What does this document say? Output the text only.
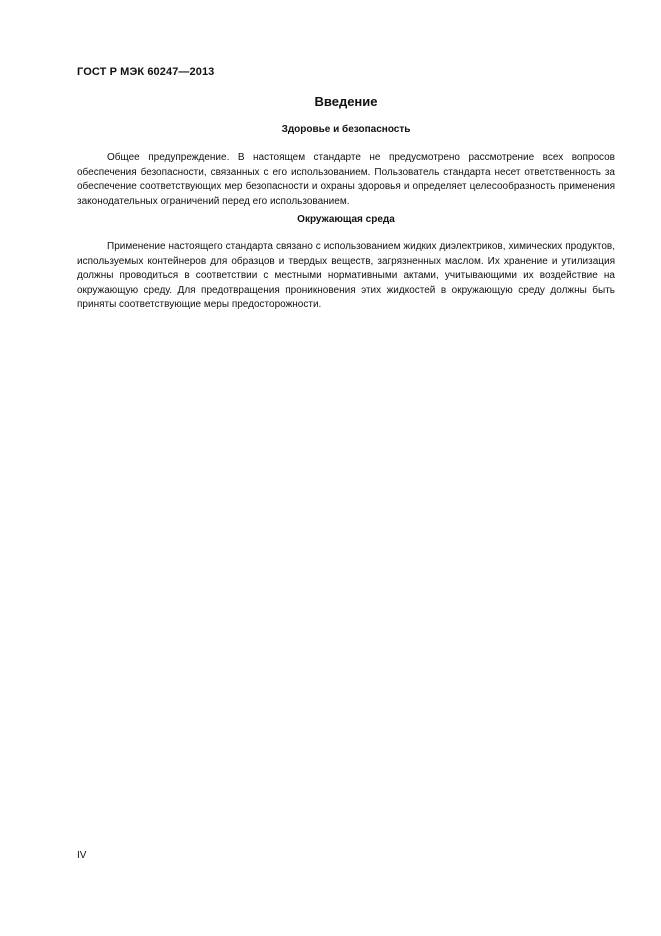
ГОСТ Р МЭК 60247—2013
Введение
Здоровье и безопасность

Общее предупреждение. В настоящем стандарте не предусмотрено рассмотрение всех вопросов обеспечения безопасности, связанных с его использованием. Пользователь стандарта несет ответственность за обеспечение соответствующих мер безопасности и охраны здоровья и определяет целесообразность применения законодательных ограничений перед его использованием.

Окружающая среда

Применение настоящего стандарта связано с использованием жидких диэлектриков, химических продуктов, используемых контейнеров для образцов и твердых веществ, загрязненных маслом. Их хранение и утилизация должны проводиться в соответствии с местными нормативными актами, учитывающими их воздействие на окружающую среду. Для предотвращения проникновения этих жидкостей в окружающую среду должны быть приняты соответствующие меры предосторожности.

IV
